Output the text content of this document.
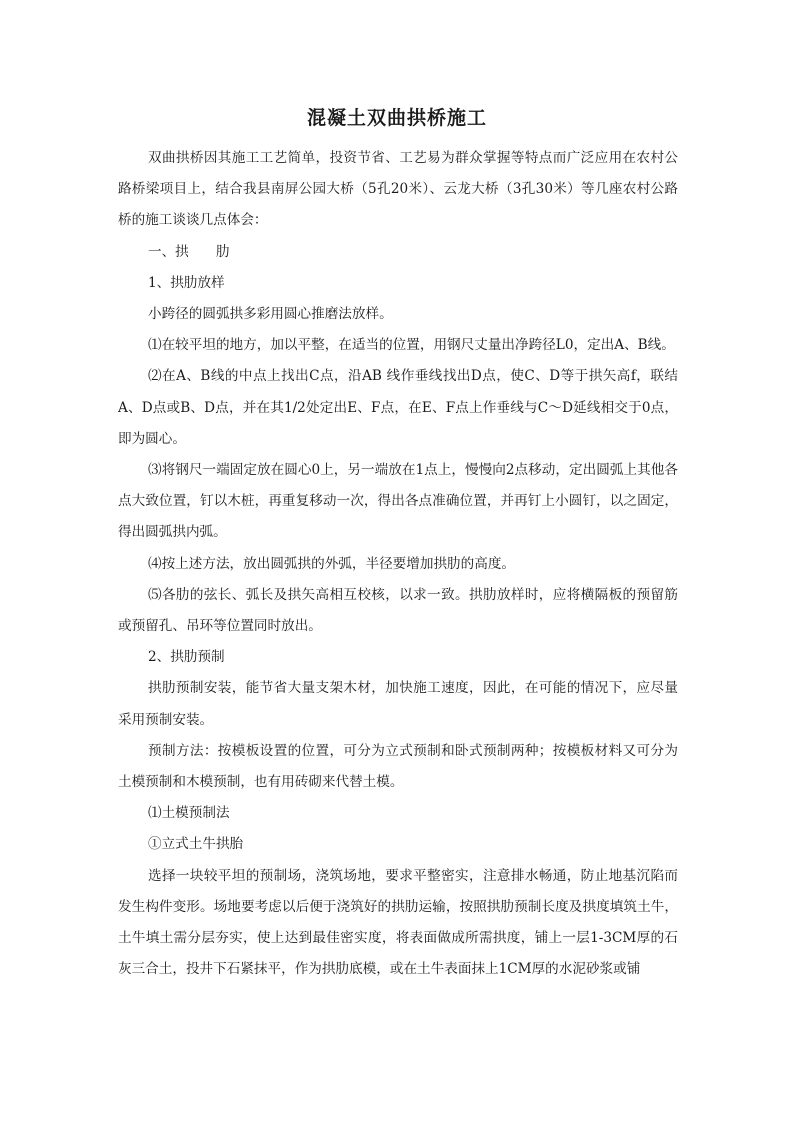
混凝土双曲拱桥施工

双曲拱桥因其施工工艺简单，投资节省、工艺易为群众掌握等特点而广泛应用在农村公路桥梁项目上，结合我县南屏公园大桥（5孔20米）、云龙大桥（3孔30米）等几座农村公路桥的施工谈谈几点体会：

一、拱　　肋

1、拱肋放样

小跨径的圆弧拱多彩用圆心推磨法放样。

⑴在较平坦的地方，加以平整，在适当的位置，用钢尺丈量出净跨径L0，定出A、B线。

⑵在A、B线的中点上找出C点，沿AB 线作垂线找出D点，使C、D等于拱矢高f，联结A、D点或B、D点，并在其1/2处定出E、F点，在E、F点上作垂线与C～D延线相交于0点，即为圆心。

⑶将钢尺一端固定放在圆心0上，另一端放在1点上，慢慢向2点移动，定出圆弧上其他各点大致位置，钉以木桩，再重复移动一次，得出各点准确位置，并再钉上小圆钉，以之固定，得出圆弧拱内弧。

⑷按上述方法，放出圆弧拱的外弧，半径要增加拱肋的高度。

⑸各肋的弦长、弧长及拱矢高相互校核，以求一致。拱肋放样时，应将横隔板的预留筋或预留孔、吊环等位置同时放出。

2、拱肋预制

拱肋预制安装，能节省大量支架木材，加快施工速度，因此，在可能的情况下，应尽量采用预制安装。

预制方法：按模板设置的位置，可分为立式预制和卧式预制两种；按模板材料又可分为土模预制和木模预制，也有用砖砌来代替土模。

⑴土模预制法

①立式土牛拱胎

选择一块较平坦的预制场，浇筑场地，要求平整密实，注意排水畅通，防止地基沉陷而发生构件变形。场地要考虑以后便于浇筑好的拱肋运输，按照拱肋预制长度及拱度填筑土牛，土牛填土需分层夯实，使上达到最佳密实度，将表面做成所需拱度，铺上一层1-3CM厚的石灰三合土，投井下石紧抹平，作为拱肋底模，或在土牛表面抹上1CM厚的水泥砂浆或铺
